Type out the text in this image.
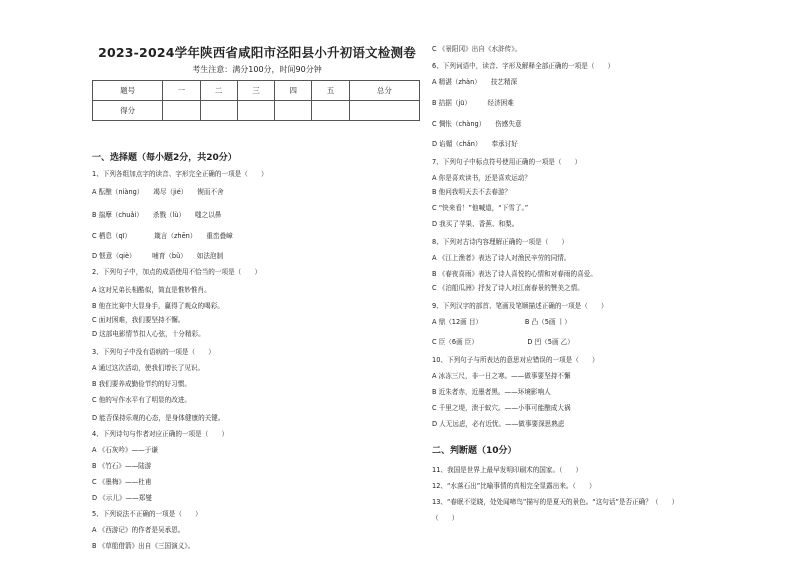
2023-2024学年陕西省咸阳市泾阳县小升初语文检测卷
考生注意：满分100分，时间90分钟
题号	一	二	三	四	五	总分
得分						
一、选择题（每小题2分，共20分）
二、判断题（10分）
1、下列各组加点字的读音、字形完全正确的一项是（　　）
A 酝酿（niàng）　　竭尽（jié）　　锲而不舍
B 揣摩（chuǎi）　　杀戮（lù）　　嗤之以鼻
C 栖息（qī）　　　　箴言（zhēn）　　重峦叠嶂
D 惬意（qiè）　　　哺育（bǔ）　　如法泡制
2、下列句子中，加点的成语使用不恰当的一项是（　　）
A 这对兄弟长相酷似，简直是惟妙惟肖。
B 他在比赛中大显身手，赢得了观众的喝彩。
C 面对困难，我们要坚持不懈。
D 这部电影情节扣人心弦，十分精彩。
3、下列句子中没有语病的一项是（　　）
A 通过这次活动，使我们增长了见识。
B 我们要养成勤俭节约的好习惯。
C 他的写作水平有了明显的改进。
D 能否保持乐观的心态，是身体健康的关键。
4、下列诗句与作者对应正确的一项是（　　）
A 《石灰吟》——于谦
B 《竹石》——陆游
C 《墨梅》——杜甫
D 《示儿》——郑燮
5、下列说法不正确的一项是（　　）
A 《西游记》的作者是吴承恩。
B 《草船借箭》出自《三国演义》。
C 《景阳冈》出自《水浒传》。
6、下列词语中，读音、字形及解释全部正确的一项是（　　）
A 精湛（zhàn）　　技艺精深
B 拮据（jū）　　　经济困难
C 惆怅（chàng）　　伤感失意
D 谄媚（chǎn）　　奉承讨好
7、下列句子中标点符号使用正确的一项是（　　）
A 你是喜欢读书，还是喜欢运动？
B 他问我明天去不去春游？
C “快来看！”他喊道，“下雪了。”
D 我买了苹果、香蕉、和梨。
8、下列对古诗内容理解正确的一项是（　　）
A 《江上渔者》表达了诗人对渔民辛劳的同情。
B 《春夜喜雨》表达了诗人喜悦的心情和对春雨的喜爱。
C 《泊船瓜洲》抒发了诗人对江南春景的赞美之情。
9、下列汉字的部首、笔画及笔顺描述正确的一项是（　　）
A 鼎（12画 目）　　　　　　　B 凸（5画 丨）
C 臣（6画 臣）　　　　　　　　D 凹（5画 乙）
10、下列句子与所表达的意思对应错误的一项是（　　）
A 冰冻三尺，非一日之寒。——做事要坚持不懈
B 近朱者赤，近墨者黑。——环境影响人
C 千里之堤，溃于蚁穴。——小事可能酿成大祸
D 人无远虑，必有近忧。——做事要深思熟虑
11、我国是世界上最早发明印刷术的国家。（　　）
12、“水落石出”比喻事情的真相完全显露出来。（　　）
13、“春眠不觉晓，处处闻啼鸟”描写的是夏天的景色。“这句话”是否正确？（　　）
（　　）
